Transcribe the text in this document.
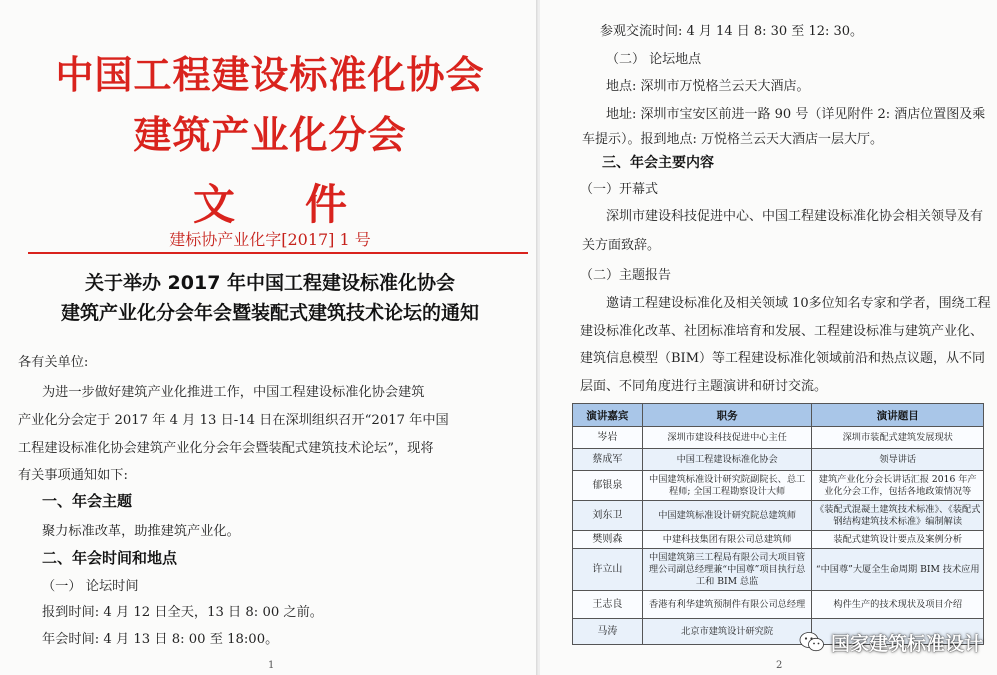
中国工程建设标准化协会
建筑产业化分会
文件
建标协产业化字[2017] 1 号
关于举办 2017 年中国工程建设标准化协会
建筑产业化分会年会暨装配式建筑技术论坛的通知
各有关单位:
为进一步做好建筑产业化推进工作，中国工程建设标准化协会建筑
产业化分会定于 2017 年 4 月 13 日-14 日在深圳组织召开“2017 年中国
工程建设标准化协会建筑产业化分会年会暨装配式建筑技术论坛”，现将
有关事项通知如下:
一、年会主题
聚力标准改革，助推建筑产业化。
二、年会时间和地点
（一） 论坛时间
报到时间: 4 月 12 日全天，13 日 8: 00 之前。
年会时间: 4 月 13 日 8: 00 至 18:00。
1
参观交流时间: 4 月 14 日 8: 30 至 12: 30。
（二） 论坛地点
地点: 深圳市万悦格兰云天大酒店。
地址: 深圳市宝安区前进一路 90 号（详见附件 2: 酒店位置图及乘
车提示）。报到地点: 万悦格兰云天大酒店一层大厅。
三、年会主要内容
（一）开幕式
深圳市建设科技促进中心、中国工程建设标准化协会相关领导及有
关方面致辞。
（二）主题报告
邀请工程建设标准化及相关领域 10多位知名专家和学者，围绕工程
建设标准化改革、社团标准培育和发展、工程建设标准与建筑产业化、
建筑信息模型（BIM）等工程建设标准化领域前沿和热点议题，从不同
层面、不同角度进行主题演讲和研讨交流。
演讲嘉宾	职务	演讲题目
岑岩	深圳市建设科技促进中心主任	深圳市装配式建筑发展现状
蔡成军	中国工程建设标准化协会	领导讲话
郁银泉	中国建筑标准设计研究院副院长、总工程师; 全国工程勘察设计大师	建筑产业化分会长讲话汇报 2016 年产业化分会工作，包括各地政策情况等
刘东卫	中国建筑标准设计研究院总建筑师	《装配式混凝土建筑技术标准》、《装配式钢结构建筑技术标准》编制解读
樊则森	中建科技集团有限公司总建筑师	装配式建筑设计要点及案例分析
许立山	中国建筑第三工程局有限公司大项目管理公司副总经理兼“中国尊”项目执行总工和 BIM 总监	“中国尊”大厦全生命周期 BIM 技术应用
王志良	香港有利华建筑预制件有限公司总经理	构件生产的技术现状及项目介绍
马涛	北京市建筑设计研究院	
2
国家建筑标准设计
